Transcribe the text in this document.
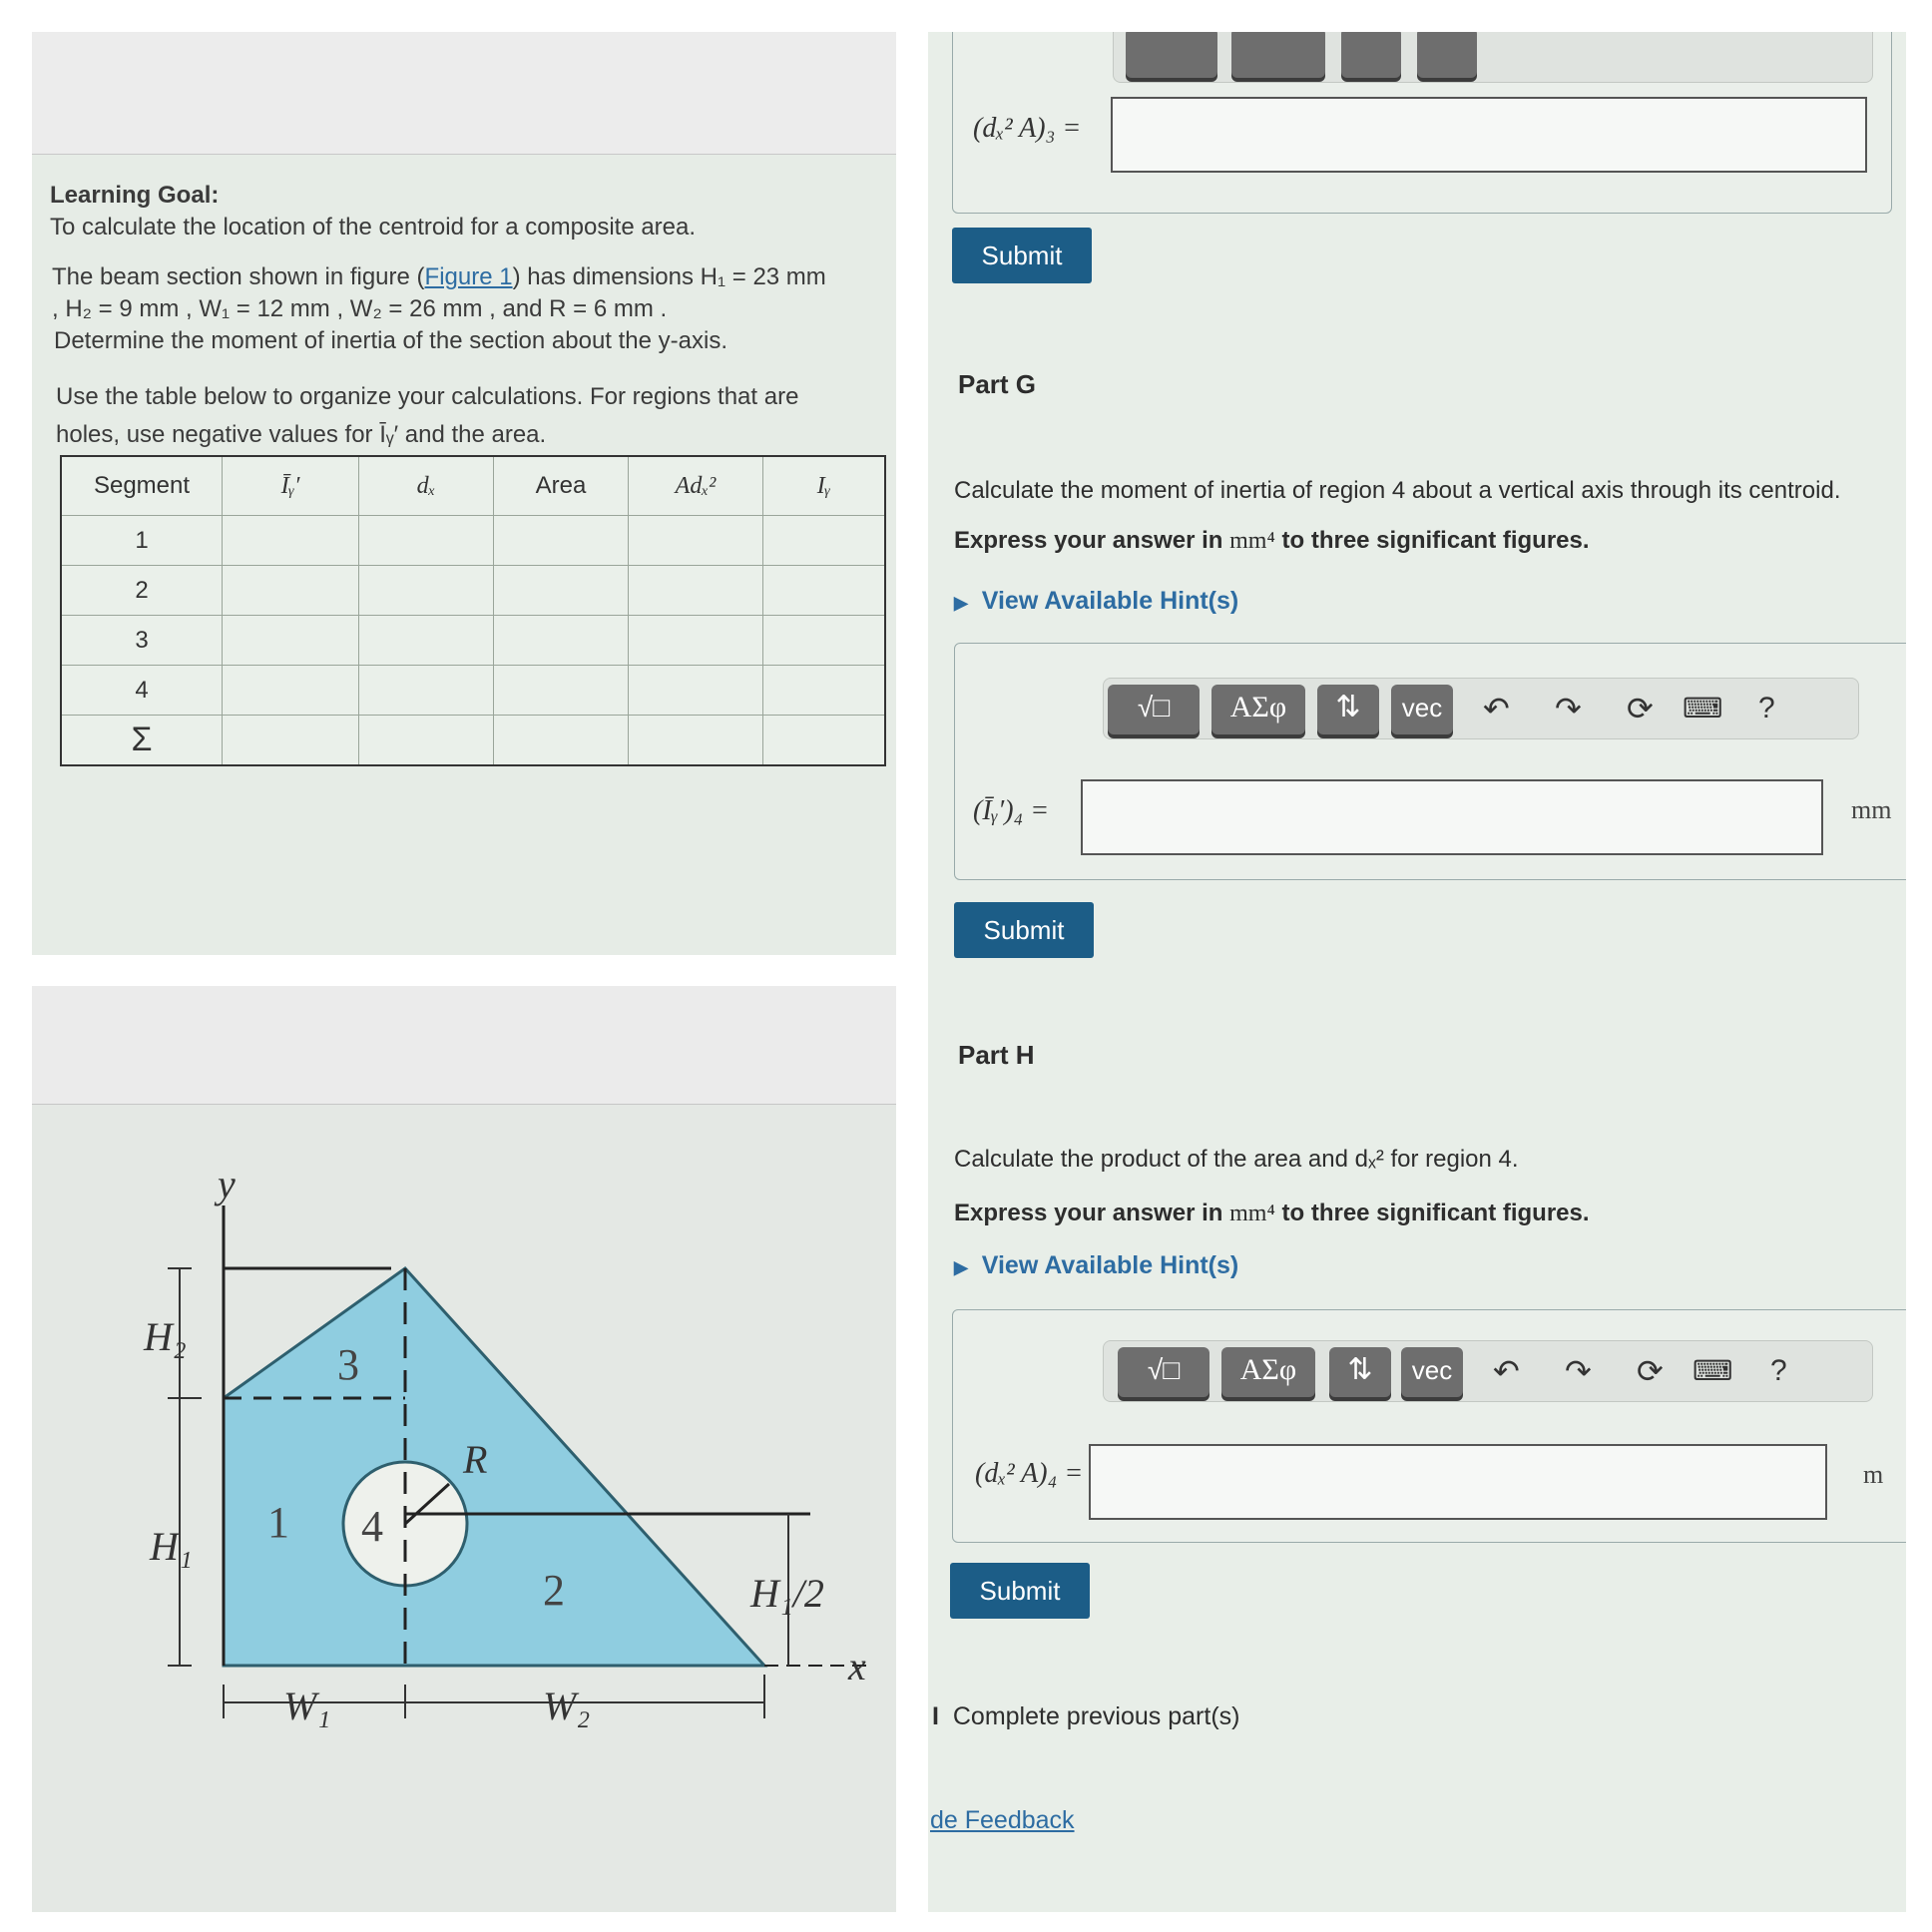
Learning Goal:
To calculate the location of the centroid for a composite area.
The beam section shown in figure (Figure 1) has dimensions H₁ = 23 mm
, H₂ = 9 mm , W₁ = 12 mm , W₂ = 26 mm , and R = 6 mm .
Determine the moment of inertia of the section about the y-axis.
Use the table below to organize your calculations. For regions that are
holes, use negative values for Īᵧ′ and the area.
Segment	Īᵧ′	dₓ	Area	Adₓ²	Iᵧ
1					
2					
3					
4					
Σ					
y
x
H₂
H₁
W₁	W₂
R
H₁/2
1
2
3
4
(dₓ² A)₃ =
Submit
Part G
Calculate the moment of inertia of region 4 about a vertical axis through its centroid.
Express your answer in mm⁴ to three significant figures.
▶ View Available Hint(s)
√□	ΑΣφ	⇅	vec	↶ ↷ ⟳ ⌨ ?
(Īᵧ′)₄ =	mm
Submit
Part H
Calculate the product of the area and dₓ² for region 4.
Express your answer in mm⁴ to three significant figures.
▶ View Available Hint(s)
√□	ΑΣφ	⇅	vec	↶ ↷ ⟳ ⌨ ?
(dₓ² A)₄ =	m
Submit
I Complete previous part(s)
de Feedback
